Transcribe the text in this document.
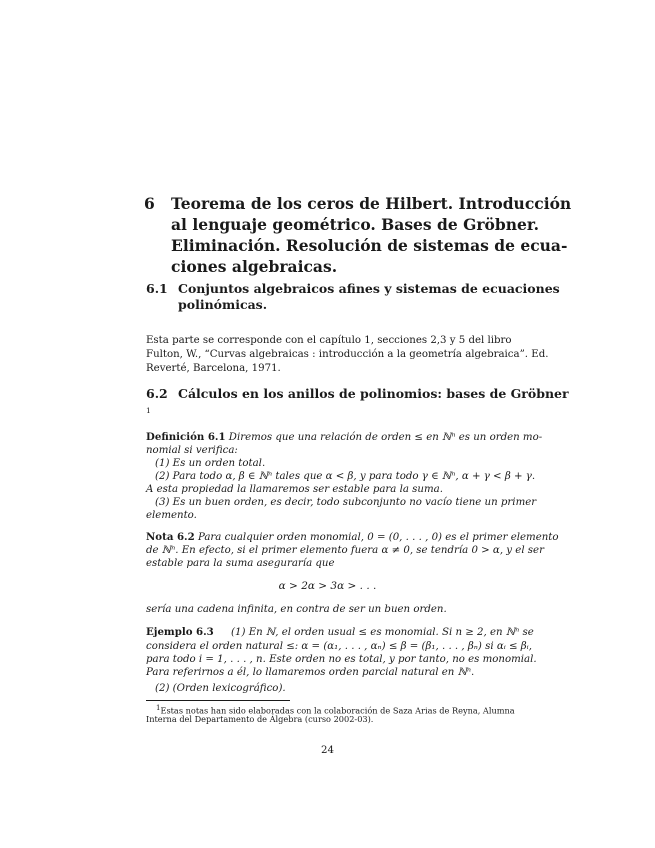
6 Teorema de los ceros de Hilbert. Introducción
al lenguaje geométrico. Bases de Gröbner.
Eliminación. Resolución de sistemas de ecua-
ciones algebraicas.
6.1 Conjuntos algebraicos afines y sistemas de ecuaciones
polinómicas.
Esta parte se corresponde con el capítulo 1, secciones 2,3 y 5 del libro
Fulton, W., “Curvas algebraicas : introducción a la geometría algebraica”. Ed.
Reverté, Barcelona, 1971.
6.2 Cálculos en los anillos de polinomios: bases de Gröbner
1
Definición 6.1 Diremos que una relación de orden ≤ en ℕⁿ es un orden mo-
nomial si verifica:
(1) Es un orden total.
(2) Para todo α, β ∈ ℕⁿ tales que α < β, y para todo γ ∈ ℕⁿ, α + γ < β + γ.
A esta propiedad la llamaremos ser estable para la suma.
(3) Es un buen orden, es decir, todo subconjunto no vacío tiene un primer
elemento.
Nota 6.2 Para cualquier orden monomial, 0 = (0, . . . , 0) es el primer elemento
de ℕⁿ. En efecto, si el primer elemento fuera α ≠ 0, se tendría 0 > α, y el ser
estable para la suma aseguraría que
α > 2α > 3α > . . .
sería una cadena infinita, en contra de ser un buen orden.
Ejemplo 6.3 (1) En ℕ, el orden usual ≤ es monomial. Si n ≥ 2, en ℕⁿ se
considera el orden natural ≤: α = (α₁, . . . , αₙ) ≤ β = (β₁, . . . , βₙ) si αᵢ ≤ βᵢ,
para todo i = 1, . . . , n. Este orden no es total, y por tanto, no es monomial.
Para referirnos a él, lo llamaremos orden parcial natural en ℕⁿ.
(2) (Orden lexicográfico).
$^1$Estas notas han sido elaboradas con la colaboración de Saza Arias de Reyna, Alumna
Interna del Departamento de Álgebra (curso 2002-03).
24
